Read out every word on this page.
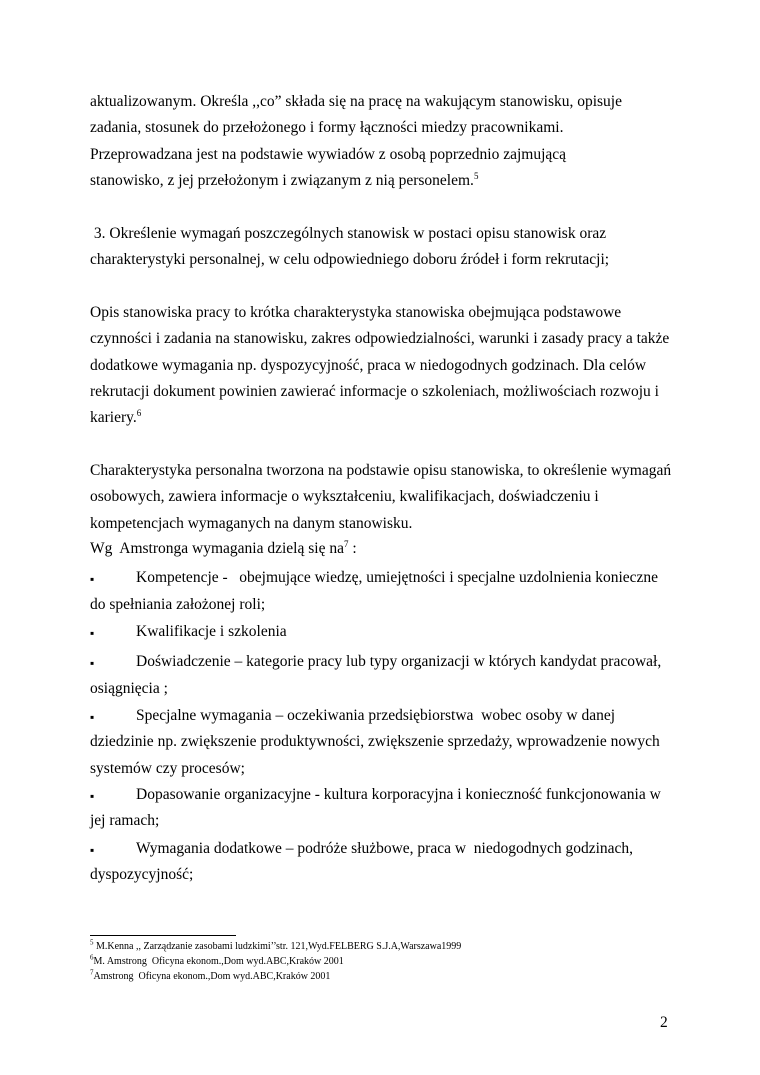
aktualizowanym. Określa ,,co” składa się na pracę na wakującym stanowisku, opisuje
zadania, stosunek do przełożonego i formy łączności miedzy pracownikami.
Przeprowadzana jest na podstawie wywiadów z osobą poprzednio zajmującą
stanowisko, z jej przełożonym i związanym z nią personelem.$^5$
3. Określenie wymagań poszczególnych stanowisk w postaci opisu stanowisk oraz
charakterystyki personalnej, w celu odpowiedniego doboru źródeł i form rekrutacji;
Opis stanowiska pracy to krótka charakterystyka stanowiska obejmująca podstawowe
czynności i zadania na stanowisku, zakres odpowiedzialności, warunki i zasady pracy a także
dodatkowe wymagania np. dyspozycyjność, praca w niedogodnych godzinach. Dla celów
rekrutacji dokument powinien zawierać informacje o szkoleniach, możliwościach rozwoju i
kariery.$^6$
Charakterystyka personalna tworzona na podstawie opisu stanowiska, to określenie wymagań
osobowych, zawiera informacje o wykształceniu, kwalifikacjach, doświadczeniu i
kompetencjach wymaganych na danym stanowisku.
Wg  Amstronga wymagania dzielą się $na^7$ :
▪	Kompetencje -   obejmujące wiedzę, umiejętności i specjalne uzdolnienia konieczne
do spełniania założonej roli;
▪	Kwalifikacje i szkolenia
▪	Doświadczenie – kategorie pracy lub typy organizacji w których kandydat pracował,
osiągnięcia ;
▪	Specjalne wymagania – oczekiwania przedsiębiorstwa  wobec osoby w danej
dziedzinie np. zwiększenie produktywności, zwiększenie sprzedaży, wprowadzenie nowych
systemów czy procesów;
▪	Dopasowanie organizacyjne - kultura korporacyjna i konieczność funkcjonowania w
jej ramach;
▪	Wymagania dodatkowe – podróże służbowe, praca w  niedogodnych godzinach,
dyspozycyjność;
$^5$ M.Kenna ,, Zarządzanie zasobami ludzkimi’’str. 121,Wyd.FELBERG S.J.A,Warszawa1999
$^6$M. Amstrong  Oficyna ekonom.,Dom wyd.ABC,Kraków 2001
$^7$Amstrong  Oficyna ekonom.,Dom wyd.ABC,Kraków 2001
2
